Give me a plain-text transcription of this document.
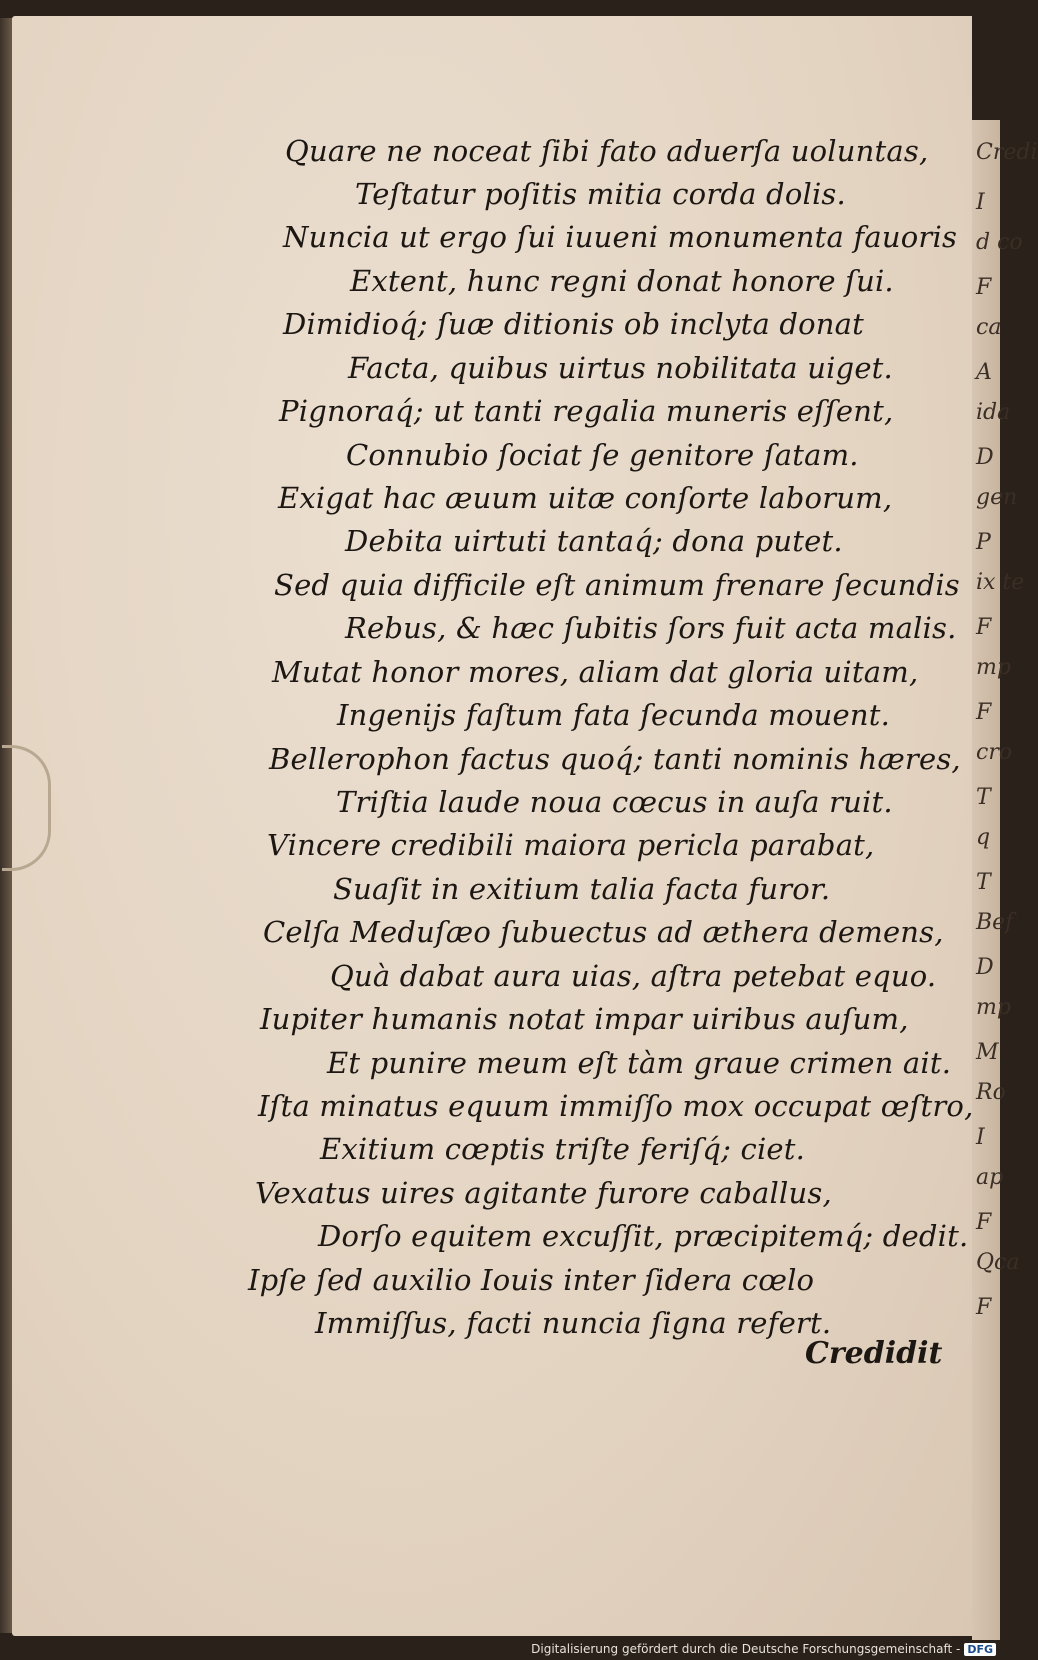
Credi
I
d co
F
ca
A
ida
D
gen
P
ix te
F
mp
F
cro
T
q
T
Bef
D
mp
M
Ro
I
ap
F
Qca
F
Quare ne noceat ſibi fato aduerſa uoluntas,
Teſtatur poſitis mitia corda dolis.
Nuncia ut ergo ſui iuueni monumenta fauoris
Extent, hunc regni donat honore ſui.
Dimidioq́; ſuæ ditionis ob inclyta donat
Facta, quibus uirtus nobilitata uiget.
Pignoraq́; ut tanti regalia muneris eſſent,
Connubio ſociat ſe genitore ſatam.
Exigat hac æuum uitæ conſorte laborum,
Debita uirtuti tantaq́; dona putet.
Sed quia difficile eſt animum frenare ſecundis
Rebus, & hæc ſubitis ſors fuit acta malis.
Mutat honor mores, aliam dat gloria uitam,
Ingenijs faſtum fata ſecunda mouent.
Bellerophon factus quoq́; tanti nominis hæres,
Triſtia laude noua cœcus in auſa ruit.
Vincere credibili maiora pericla parabat,
Suaſit in exitium talia facta furor.
Celſa Meduſæo ſubuectus ad æthera demens,
Quà dabat aura uias, aſtra petebat equo.
Iupiter humanis notat impar uiribus auſum,
Et punire meum eſt tàm graue crimen ait.
Iſta minatus equum immiſſo mox occupat œſtro,
Exitium cœptis triſte feriſq́; ciet.
Vexatus uires agitante furore caballus,
Dorſo equitem excuſſit, præcipitemq́; dedit.
Ipſe ſed auxilio Iouis inter ſidera cœlo
Immiſſus, facti nuncia ſigna refert.
Credidit
Digitalisierung gefördert durch die Deutsche Forschungsgemeinschaft - DFG
